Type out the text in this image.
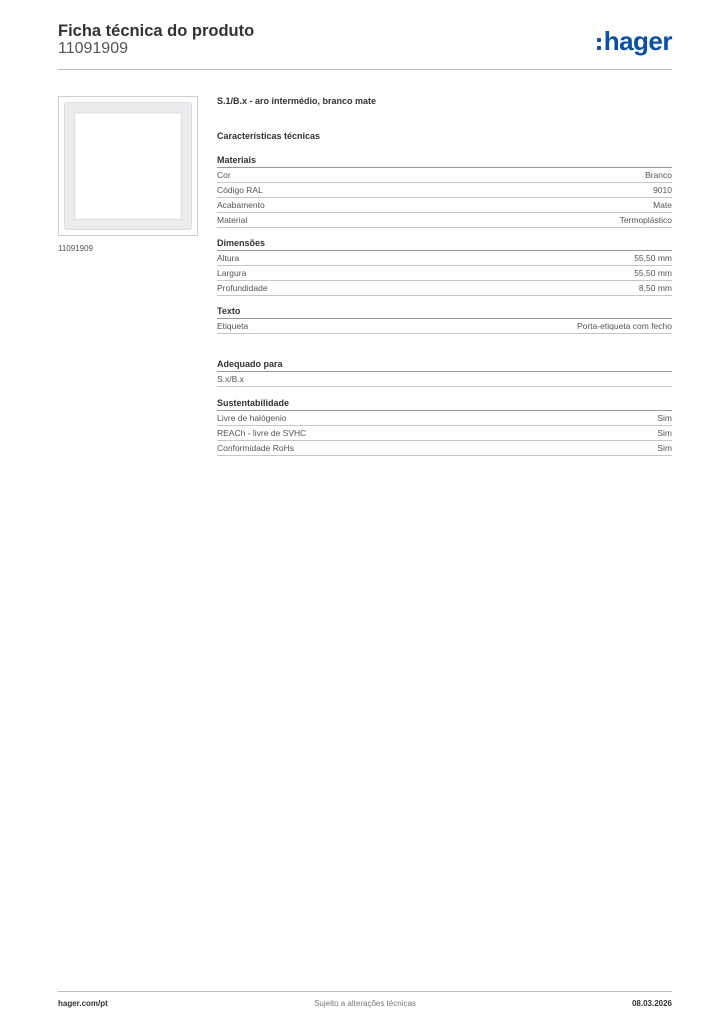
Ficha técnica do produto
11091909	hager
11091909
S.1/B.x - aro intermédio, branco mate
Características técnicas
Materiais
Cor	Branco
Código RAL	9010
Acabamento	Mate
Material	Termoplástico
Dimensões
Altura	55,50 mm
Largura	55,50 mm
Profundidade	8,50 mm
Texto
Etiqueta	Porta-etiqueta com fecho
Adequado para
S.x/B.x
Sustentabilidade
Livre de halógenio	Sim
REACh - livre de SVHC	Sim
Conformidade RoHs	Sim
hager.com/pt	Sujeito a alterações técnicas	08.03.2026
